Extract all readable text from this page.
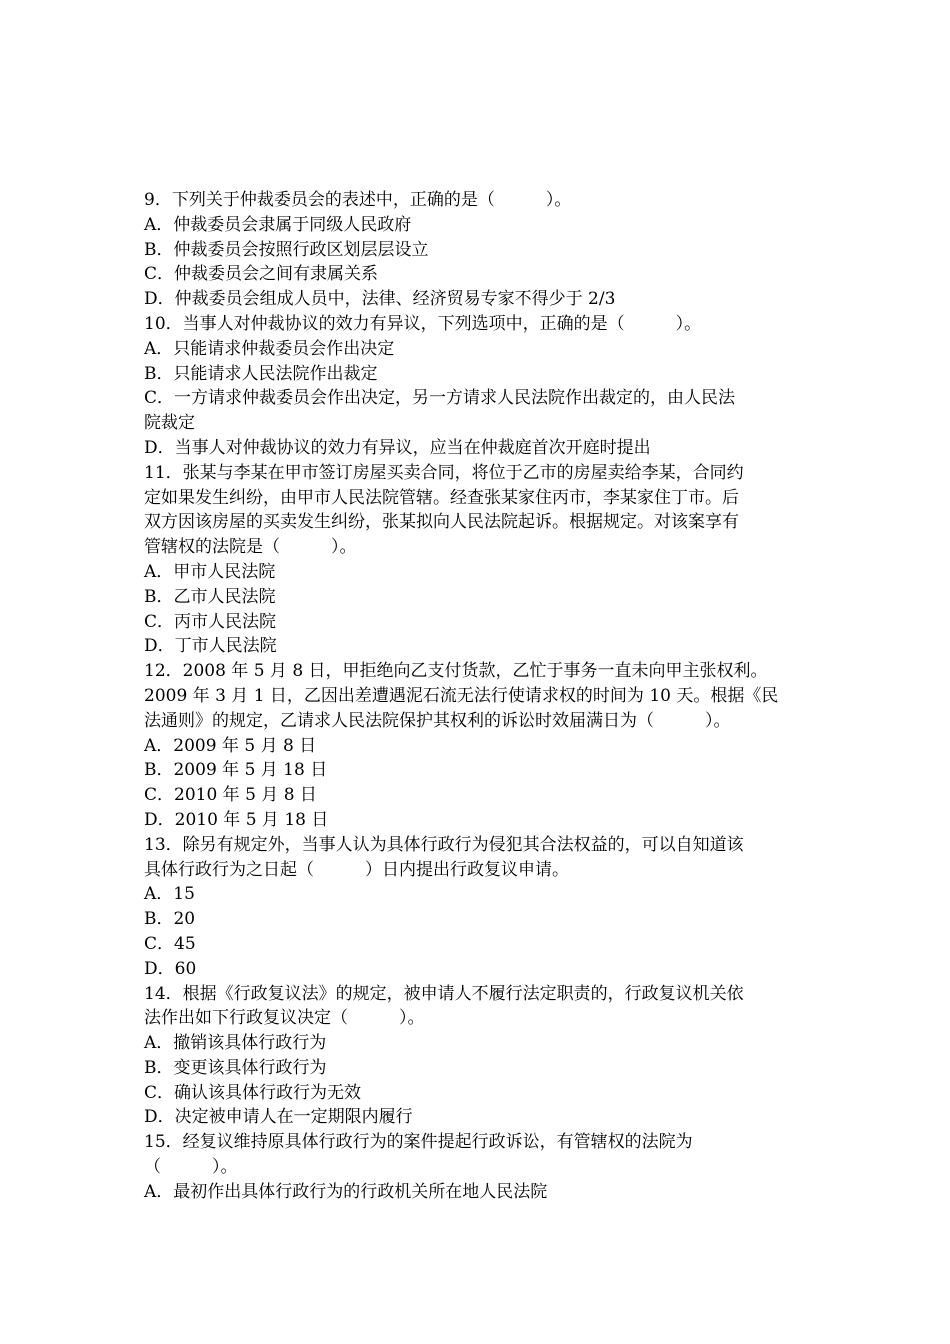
9．下列关于仲裁委员会的表述中，正确的是（　　　）。
A．仲裁委员会隶属于同级人民政府
B．仲裁委员会按照行政区划层层设立
C．仲裁委员会之间有隶属关系
D．仲裁委员会组成人员中，法律、经济贸易专家不得少于 2/3
10．当事人对仲裁协议的效力有异议，下列选项中，正确的是（　　　）。
A．只能请求仲裁委员会作出决定
B．只能请求人民法院作出裁定
C．一方请求仲裁委员会作出决定，另一方请求人民法院作出裁定的，由人民法
院裁定
D．当事人对仲裁协议的效力有异议，应当在仲裁庭首次开庭时提出
11．张某与李某在甲市签订房屋买卖合同，将位于乙市的房屋卖给李某，合同约
定如果发生纠纷，由甲市人民法院管辖。经查张某家住丙市，李某家住丁市。后
双方因该房屋的买卖发生纠纷，张某拟向人民法院起诉。根据规定。对该案享有
管辖权的法院是（　　　）。
A．甲市人民法院
B．乙市人民法院
C．丙市人民法院
D．丁市人民法院
12．2008 年 5 月 8 日，甲拒绝向乙支付货款，乙忙于事务一直未向甲主张权利。
2009 年 3 月 1 日，乙因出差遭遇泥石流无法行使请求权的时间为 10 天。根据《民
法通则》的规定，乙请求人民法院保护其权利的诉讼时效届满日为（　　　）。
A．2009 年 5 月 8 日
B．2009 年 5 月 18 日
C．2010 年 5 月 8 日
D．2010 年 5 月 18 日
13．除另有规定外，当事人认为具体行政行为侵犯其合法权益的，可以自知道该
具体行政行为之日起（　　　）日内提出行政复议申请。
A．15
B．20
C．45
D．60
14．根据《行政复议法》的规定，被申请人不履行法定职责的，行政复议机关依
法作出如下行政复议决定（　　　）。
A．撤销该具体行政行为
B．变更该具体行政行为
C．确认该具体行政行为无效
D．决定被申请人在一定期限内履行
15．经复议维持原具体行政行为的案件提起行政诉讼，有管辖权的法院为
（　　　）。
A．最初作出具体行政行为的行政机关所在地人民法院
